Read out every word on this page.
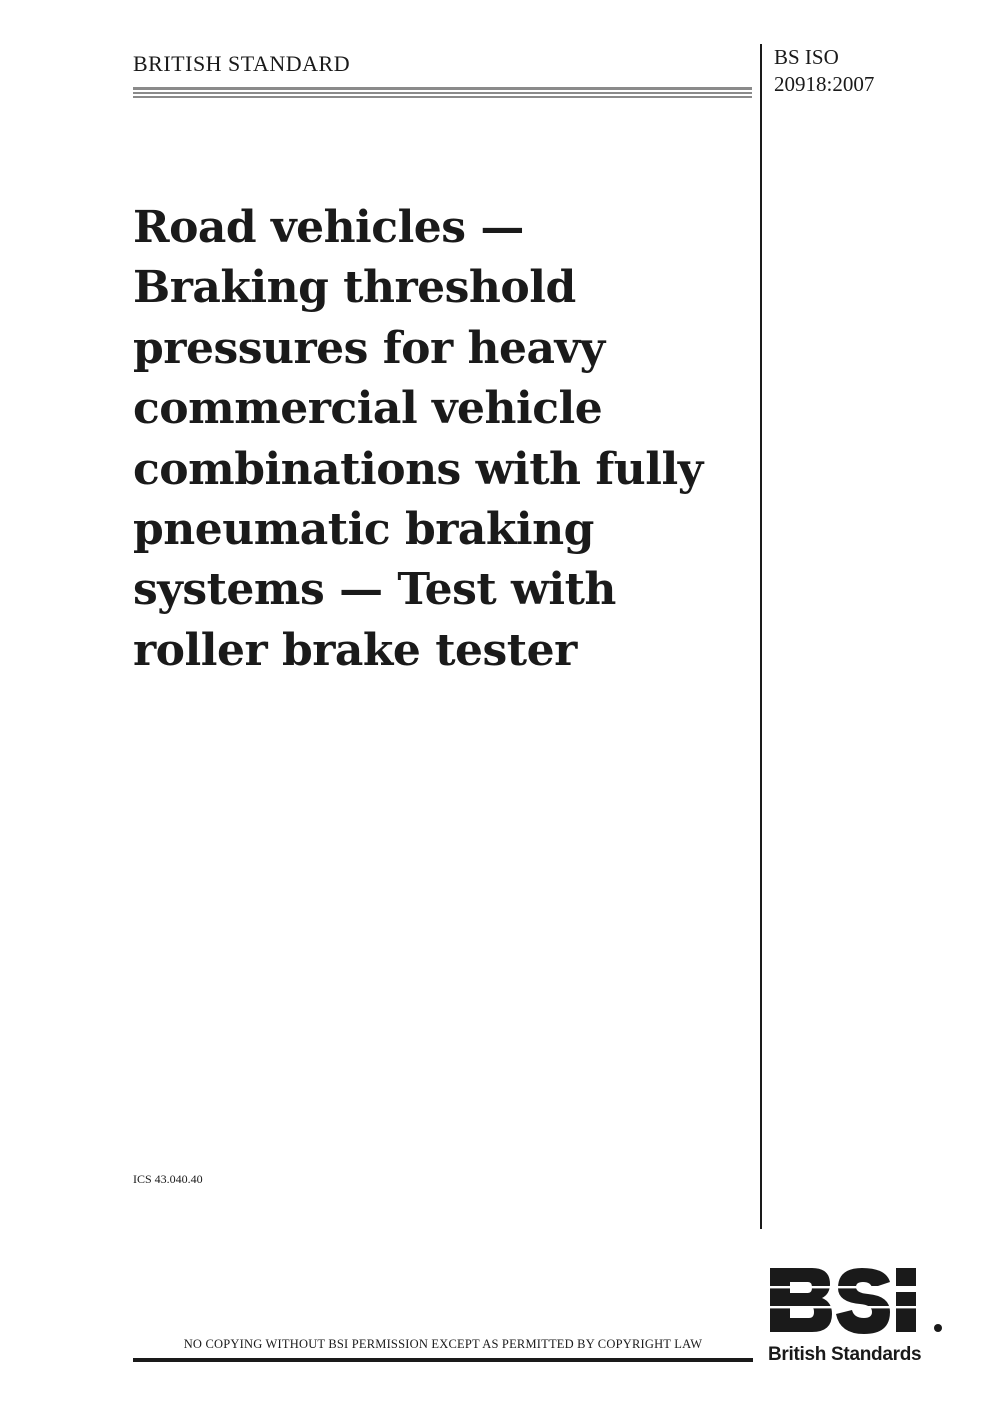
BRITISH STANDARD	BS ISO
20918:2007
Road vehicles —
Braking threshold
pressures for heavy
commercial vehicle
combinations with fully
pneumatic braking
systems — Test with
roller brake tester
ICS 43.040.40
NO COPYING WITHOUT BSI PERMISSION EXCEPT AS PERMITTED BY COPYRIGHT LAW	British Standards
